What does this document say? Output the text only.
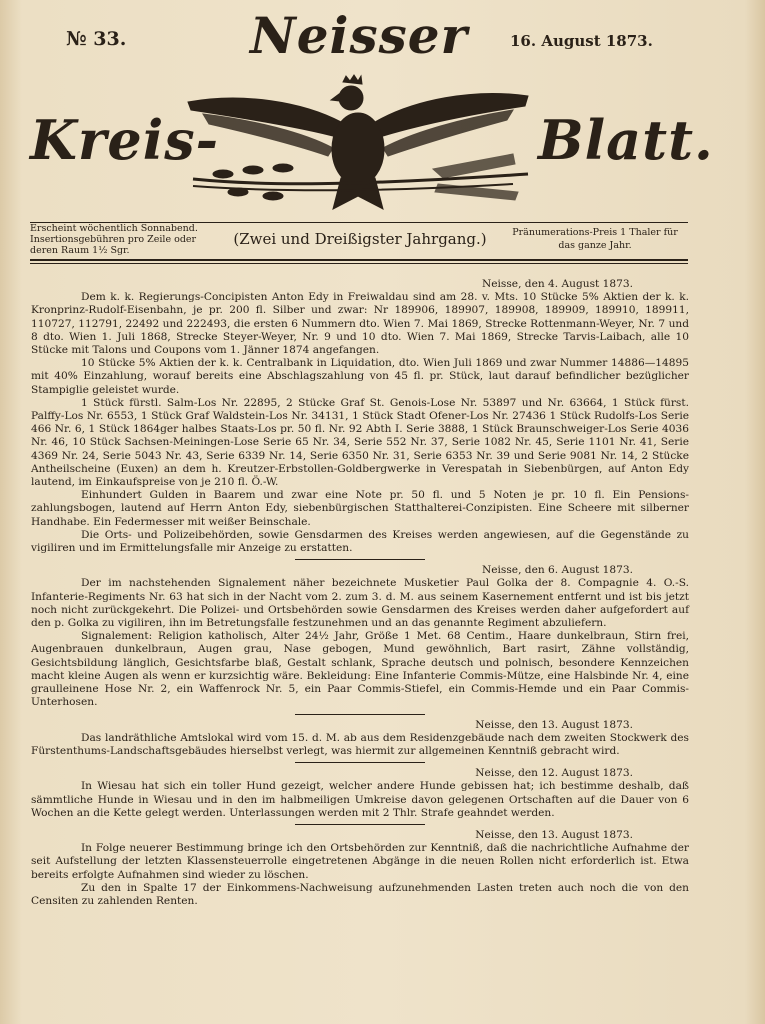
№ 33. Neisser	16. August 1873.
Kreis-	Blatt.
Erscheint wöchentlich Sonnabend. Insertionsgebühren pro Zeile oder deren Raum 1½ Sgr.
(Zwei und Dreißigster Jahrgang.)	Pränumerations-Preis 1 Thaler für das ganze Jahr.

Neisse, den 4. August 1873.

Dem k. k. Regierungs-Concipisten Anton Edy in Freiwaldau sind am 28. v. Mts. 10 Stücke 5% Aktien der k. k. Kronprinz-Rudolf-Eisenbahn, je pr. 200 fl. Silber und zwar: Nr 189906, 189907, 189908, 189909, 189910, 189911, 110727, 112791, 22492 und 222493, die ersten 6 Nummern dto. Wien 7. Mai 1869, Strecke Rottenmann-Weyer, Nr. 7 und 8 dto. Wien 1. Juli 1868, Strecke Steyer-Weyer, Nr. 9 und 10 dto. Wien 7. Mai 1869, Strecke Tarvis-Laibach, alle 10 Stücke mit Talons und Coupons vom 1. Jänner 1874 angefangen.

10 Stücke 5% Aktien der k. k. Centralbank in Liquidation, dto. Wien Juli 1869 und zwar Nummer 14886—14895 mit 40% Einzahlung, worauf bereits eine Abschlagszahlung von 45 fl. pr. Stück, laut darauf befindlicher bezüglicher Stampiglie geleistet wurde.

1 Stück fürstl. Salm-Los Nr. 22895, 2 Stücke Graf St. Genois-Lose Nr. 53897 und Nr. 63664, 1 Stück fürst. Palffy-Los Nr. 6553, 1 Stück Graf Waldstein-Los Nr. 34131, 1 Stück Stadt Ofener-Los Nr. 27436 1 Stück Rudolfs-Los Serie 466 Nr. 6, 1 Stück 1864ger halbes Staats-Los pr. 50 fl. Nr. 92 Abth I. Serie 3888, 1 Stück Braunschweiger-Los Serie 4036 Nr. 46, 10 Stück Sachsen-Meiningen-Lose Serie 65 Nr. 34, Serie 552 Nr. 37, Serie 1082 Nr. 45, Serie 1101 Nr. 41, Serie 4369 Nr. 24, Serie 5043 Nr. 43, Serie 6339 Nr. 14, Serie 6350 Nr. 31, Serie 6353 Nr. 39 und Serie 9081 Nr. 14, 2 Stücke Antheilscheine (Euxen) an dem h. Kreutzer-Erbstollen-Goldbergwerke in Verespatah in Siebenbürgen, auf Anton Edy lautend, im Einkaufspreise von je 210 fl. Ö.-W.

Einhundert Gulden in Baarem und zwar eine Note pr. 50 fl. und 5 Noten je pr. 10 fl. Ein Pensions-zahlungsbogen, lautend auf Herrn Anton Edy, siebenbürgischen Statthalterei-Conzipisten. Eine Scheere mit silberner Handhabe. Ein Federmesser mit weißer Beinschale.

Die Orts- und Polizeibehörden, sowie Gensdarmen des Kreises werden angewiesen, auf die Gegenstände zu vigiliren und im Ermittelungsfalle mir Anzeige zu erstatten.

Neisse, den 6. August 1873.

Der im nachstehenden Signalement näher bezeichnete Musketier Paul Golka der 8. Compagnie 4. O.-S. Infanterie-Regiments Nr. 63 hat sich in der Nacht vom 2. zum 3. d. M. aus seinem Kasernement entfernt und ist bis jetzt noch nicht zurückgekehrt. Die Polizei- und Ortsbehörden sowie Gensdarmen des Kreises werden daher aufgefordert auf den p. Golka zu vigiliren, ihn im Betretungsfalle festzunehmen und an das genannte Regiment abzuliefern.

Signalement: Religion katholisch, Alter 24½ Jahr, Größe 1 Met. 68 Centim., Haare dunkelbraun, Stirn frei, Augenbrauen dunkelbraun, Augen grau, Nase gebogen, Mund gewöhnlich, Bart rasirt, Zähne vollständig, Gesichtsbildung länglich, Gesichtsfarbe blaß, Gestalt schlank, Sprache deutsch und polnisch, besondere Kennzeichen macht kleine Augen als wenn er kurzsichtig wäre. Bekleidung: Eine Infanterie Commis-Mütze, eine Halsbinde Nr. 4, eine graulleinene Hose Nr. 2, ein Waffenrock Nr. 5, ein Paar Commis-Stiefel, ein Commis-Hemde und ein Paar Commis-Unterhosen.

Neisse, den 13. August 1873.

Das landräthliche Amtslokal wird vom 15. d. M. ab aus dem Residenzgebäude nach dem zweiten Stockwerk des Fürstenthums-Landschaftsgebäudes hierselbst verlegt, was hiermit zur allgemeinen Kenntniß gebracht wird.

Neisse, den 12. August 1873.

In Wiesau hat sich ein toller Hund gezeigt, welcher andere Hunde gebissen hat; ich bestimme deshalb, daß sämmtliche Hunde in Wiesau und in den im halbmeiligen Umkreise davon gelegenen Ortschaften auf die Dauer von 6 Wochen an die Kette gelegt werden. Unterlassungen werden mit 2 Thlr. Strafe geahndet werden.

Neisse, den 13. August 1873.

In Folge neuerer Bestimmung bringe ich den Ortsbehörden zur Kenntniß, daß die nachrichtliche Aufnahme der seit Aufstellung der letzten Klassensteuerrolle eingetretenen Abgänge in die neuen Rollen nicht erforderlich ist. Etwa bereits erfolgte Aufnahmen sind wieder zu löschen.

Zu den in Spalte 17 der Einkommens-Nachweisung aufzunehmenden Lasten treten auch noch die von den Censiten zu zahlenden Renten.
